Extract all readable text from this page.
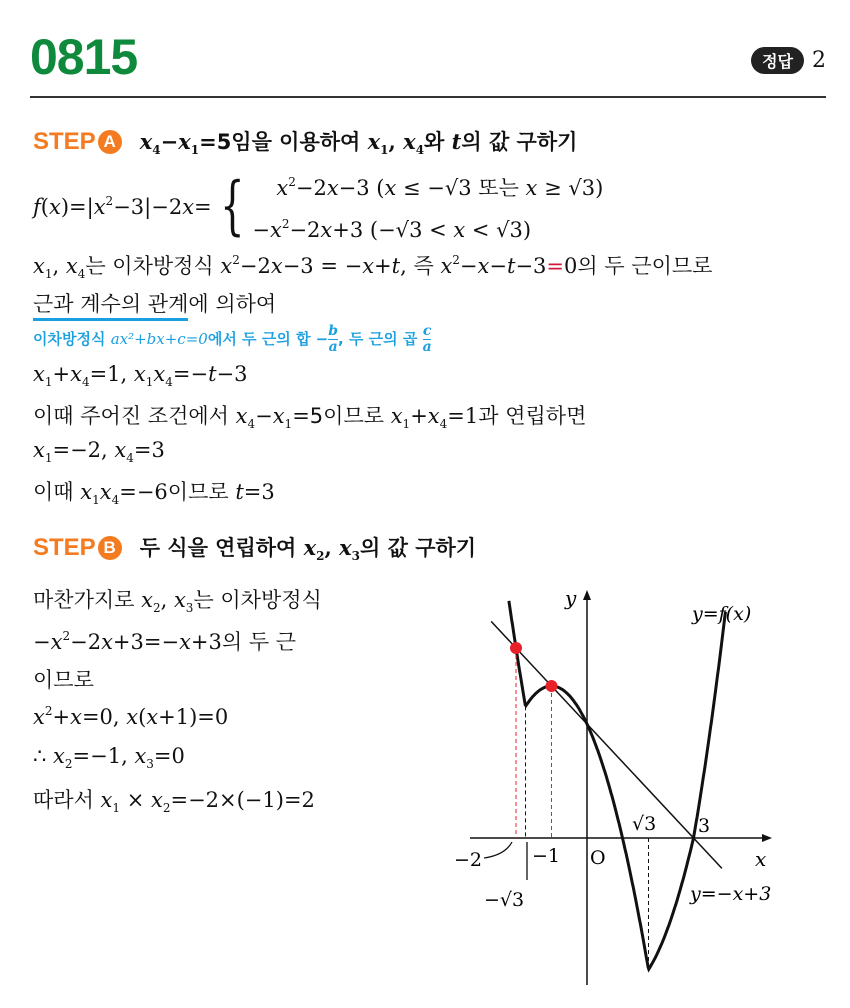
0815	정답 2
STEP A $x_4-x_1=5$임을 이용하여 $x_1$, $x_4$와 t의 값 구하기
$f(x)=|x^2-3|-2x=$ {	$x^2-2x-3$ (x ≤ −√3 또는 x ≥ √3)
$-x^2-2x+3$ (−√3 < x < √3)
$x_1$, $x_4$는 이차방정식 $x^2-2x-3 = -x+t$, 즉 $x^2-x-t-3=0$의 두 근이므로
근과 계수의 관계에 의하여
이차방정식 ax²+bx+c=0에서 두 근의 합 − $\frac{b}{a}$ , 두 근의 곱 $\frac{c}{a}$
$x_1+x_4=1$, $x_1x_4=-t-3$
이때 주어진 조건에서 $x_4-x_1=5$이므로 $x_1+x_4=1$과 연립하면
$x_1=-2$, $x_4=3$
이때 $x_1x_4=-6$이므로 t=3
STEP B 두 식을 연립하여 $x_2$, $x_3$의 값 구하기
마찬가지로 $x_2$, $x_3$는 이차방정식
$-x^2-2x+3=-x+3$의 두 근
이므로
$x^2+x=0$, x(x+1)=0
∴ $x_2=-1$, $x_3=0$
따라서 $x_1 \times x_2=-2\times(-1)=2$
y
x
O
y=f(x)
y=−x+3
−2	−1
−√3
√3 3
